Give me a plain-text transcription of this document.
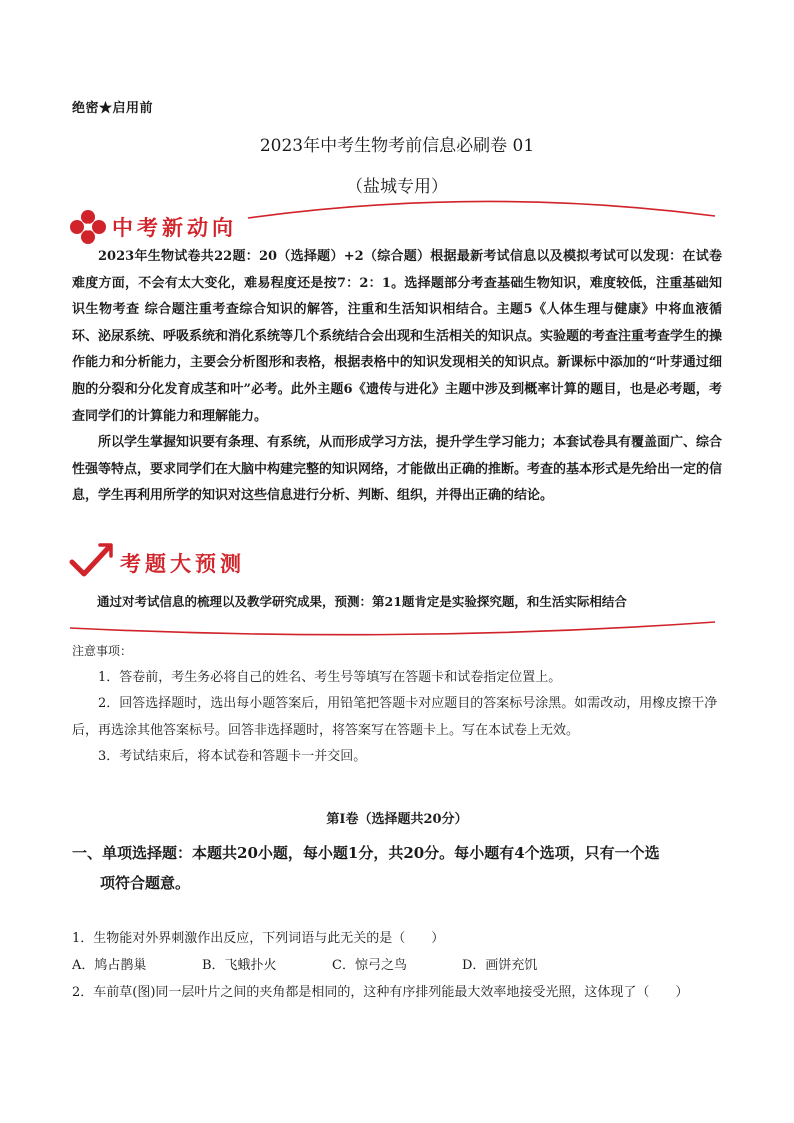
绝密★启用前
2023年中考生物考前信息必刷卷 01
（盐城专用）
中考新动向

2023年生物试卷共22题：20（选择题）+2（综合题）根据最新考试信息以及模拟考试可以发现：在试卷难度方面，不会有太大变化，难易程度还是按7：2：1。选择题部分考查基础生物知识，难度较低，注重基础知识生物考查 综合题注重考查综合知识的解答，注重和生活知识相结合。主题5《人体生理与健康》中将血液循环、泌尿系统、呼吸系统和消化系统等几个系统结合会出现和生活相关的知识点。实验题的考查注重考查学生的操作能力和分析能力，主要会分析图形和表格，根据表格中的知识发现相关的知识点。新课标中添加的“叶芽通过细胞的分裂和分化发育成茎和叶”必考。此外主题6《遗传与进化》主题中涉及到概率计算的题目，也是必考题，考查同学们的计算能力和理解能力。

所以学生掌握知识要有条理、有系统，从而形成学习方法，提升学生学习能力；本套试卷具有覆盖面广、综合性强等特点，要求同学们在大脑中构建完整的知识网络，才能做出正确的推断。考查的基本形式是先给出一定的信息，学生再利用所学的知识对这些信息进行分析、判断、组织，并得出正确的结论。

考题大预测

通过对考试信息的梳理以及教学研究成果，预测：第21题肯定是实验探究题，和生活实际相结合

注意事项：

1．答卷前，考生务必将自己的姓名、考生号等填写在答题卡和试卷指定位置上。

2．回答选择题时，选出每小题答案后，用铅笔把答题卡对应题目的答案标号涂黑。如需改动，用橡皮擦干净后，再选涂其他答案标号。回答非选择题时，将答案写在答题卡上。写在本试卷上无效。

3．考试结束后，将本试卷和答题卡一并交回。

第Ⅰ卷（选择题共20分）
一、单项选择题：本题共20小题，每小题1分，共20分。每小题有4个选项，只有一个选
项符合题意。
1．生物能对外界刺激作出反应，下列词语与此无关的是（　　）
A．鸠占鹊巢	B．飞蛾扑火	C．惊弓之鸟	D．画饼充饥
2．车前草(图)同一层叶片之间的夹角都是相同的，这种有序排列能最大效率地接受光照，这体现了（　　）
